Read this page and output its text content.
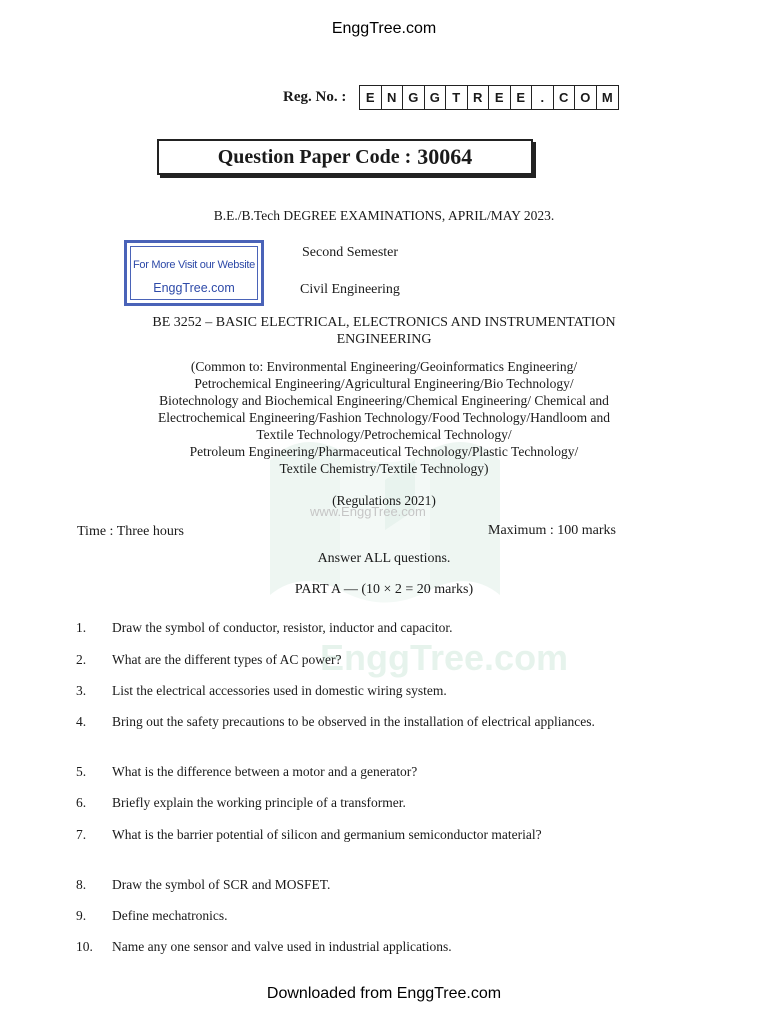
EnggTree.com
EnggTree.com
Reg. No. :	E N G G T R E E	.	C O M
Question Paper Code : 30064
B.E./B.Tech DEGREE EXAMINATIONS, APRIL/MAY 2023.
For More Visit our Website
EnggTree.com
Second Semester
Civil Engineering
BE 3252 – BASIC ELECTRICAL, ELECTRONICS AND INSTRUMENTATION
ENGINEERING
(Common to: Environmental Engineering/Geoinformatics Engineering/
Petrochemical Engineering/Agricultural Engineering/Bio Technology/
Biotechnology and Biochemical Engineering/Chemical Engineering/ Chemical and
Electrochemical Engineering/Fashion Technology/Food Technology/Handloom and
Textile Technology/Petrochemical Technology/
Petroleum Engineering/Pharmaceutical Technology/Plastic Technology/
Textile Chemistry/Textile Technology)
(Regulations 2021)
www.EnggTree.com
Time : Three hours	Maximum : 100 marks
Answer ALL questions.
PART A — (10 × 2 = 20 marks)
1.	Draw the symbol of conductor, resistor, inductor and capacitor.
2.	What are the different types of AC power?
3.	List the electrical accessories used in domestic wiring system.
4.	Bring out the safety precautions to be observed in the installation of electrical appliances.
5.	What is the difference between a motor and a generator?
6.	Briefly explain the working principle of a transformer.
7.	What is the barrier potential of silicon and germanium semiconductor material?
8.	Draw the symbol of SCR and MOSFET.
9.	Define mechatronics.
10.	Name any one sensor and valve used in industrial applications.
Downloaded from EnggTree.com
